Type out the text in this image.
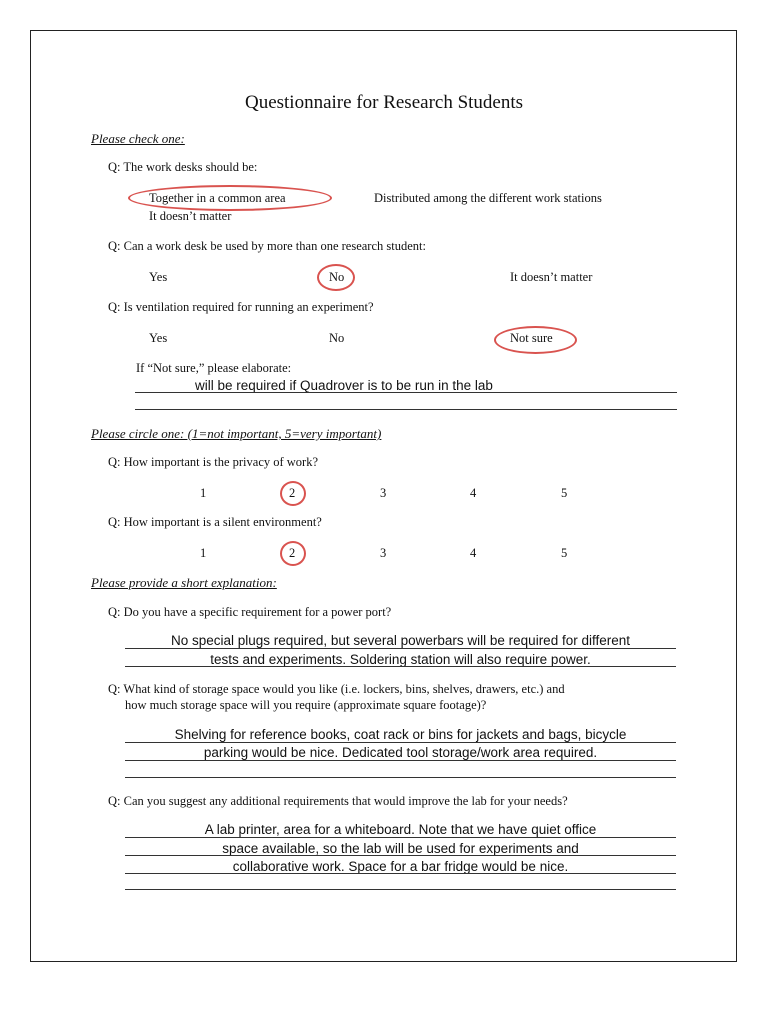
Questionnaire for Research Students
Please check one:
Q: The work desks should be:
Together in a common area	Distributed among the different work stations
It doesn’t matter
Q: Can a work desk be used by more than one research student:
Yes	No	It doesn’t matter
Q: Is ventilation required for running an experiment?
Yes	No	Not sure
If “Not sure,” please elaborate:
will be required if Quadrover is to be run in the lab
Please circle one: (1=not important, 5=very important)
Q: How important is the privacy of work?
1	2	3	4	5
Q: How important is a silent environment?
1	2	3	4	5
Please provide a short explanation:
Q: Do you have a specific requirement for a power port?
No special plugs required, but several powerbars will be required for different
tests and experiments. Soldering station will also require power.
Q: What kind of storage space would you like (i.e. lockers, bins, shelves, drawers, etc.) and
how much storage space will you require (approximate square footage)?
Shelving for reference books, coat rack or bins for jackets and bags, bicycle
parking would be nice. Dedicated tool storage/work area required.
Q: Can you suggest any additional requirements that would improve the lab for your needs?
A lab printer, area for a whiteboard. Note that we have quiet office
space available, so the lab will be used for experiments and
collaborative work. Space for a bar fridge would be nice.
